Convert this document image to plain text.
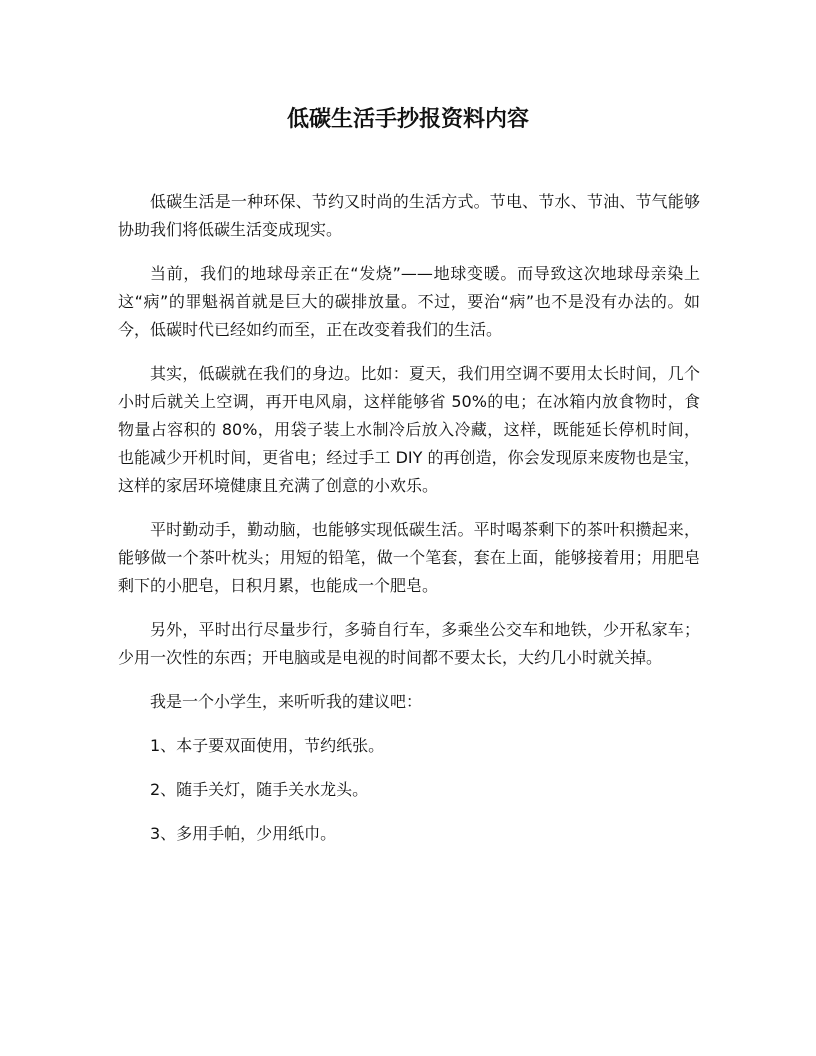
低碳生活手抄报资料内容

低碳生活是一种环保、节约又时尚的生活方式。节电、节水、节油、节气能够协助我们将低碳生活变成现实。

当前，我们的地球母亲正在“发烧”——地球变暖。而导致这次地球母亲染上这“病”的罪魁祸首就是巨大的碳排放量。不过，要治“病”也不是没有办法的。如今，低碳时代已经如约而至，正在改变着我们的生活。

其实，低碳就在我们的身边。比如：夏天，我们用空调不要用太长时间，几个小时后就关上空调，再开电风扇，这样能够省 50%的电；在冰箱内放食物时，食物量占容积的 80%，用袋子装上水制冷后放入冷藏，这样，既能延长停机时间，也能减少开机时间，更省电；经过手工 DIY 的再创造，你会发现原来废物也是宝，这样的家居环境健康且充满了创意的小欢乐。

平时勤动手，勤动脑，也能够实现低碳生活。平时喝茶剩下的茶叶积攒起来，能够做一个茶叶枕头；用短的铅笔，做一个笔套，套在上面，能够接着用；用肥皂剩下的小肥皂，日积月累，也能成一个肥皂。

另外，平时出行尽量步行，多骑自行车，多乘坐公交车和地铁，少开私家车；少用一次性的东西；开电脑或是电视的时间都不要太长，大约几小时就关掉。

我是一个小学生，来听听我的建议吧：

1、本子要双面使用，节约纸张。

2、随手关灯，随手关水龙头。

3、多用手帕，少用纸巾。
